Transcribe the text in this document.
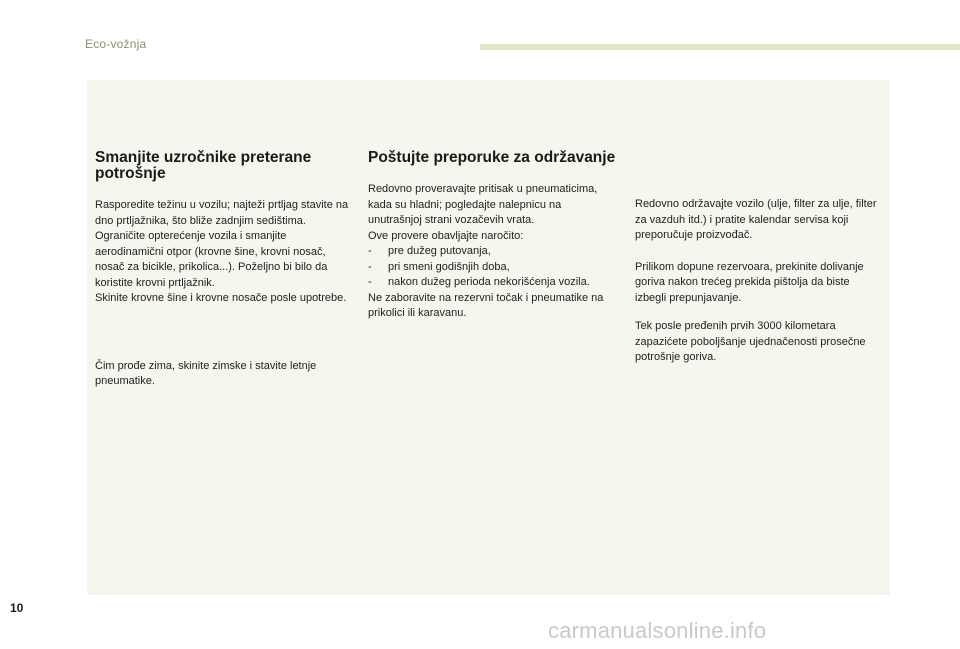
Eco-vožnja
Smanjite uzročnike preterane potrošnje

Rasporedite težinu u vozilu; najteži prtljag stavite na dno prtljažnika, što bliže zadnjim sedištima.

Ograničite opterećenje vozila i smanjite aerodinamični otpor (krovne šine, krovni nosač, nosač za bicikle, prikolica...). Poželjno bi bilo da koristite krovni prtljažnik.

Skinite krovne šine i krovne nosače posle upotrebe.

Čim prođe zima, skinite zimske i stavite letnje pneumatike.

Poštujte preporuke za održavanje

Redovno proveravajte pritisak u pneumaticima, kada su hladni; pogledajte nalepnicu na unutrašnjoj strani vozačevih vrata.

Ove provere obavljajte naročito:

-	pre dužeg putovanja,
-	pri smeni godišnjih doba,
-	nakon dužeg perioda nekorišćenja vozila.

Ne zaboravite na rezervni točak i pneumatike na prikolici ili karavanu.

Redovno održavajte vozilo (ulje, filter za ulje, filter za vazduh itd.) i pratite kalendar servisa koji preporučuje proizvođač.

Prilikom dopune rezervoara, prekinite dolivanje goriva nakon trećeg prekida pištolja da biste izbegli prepunjavanje.

Tek posle pređenih prvih 3000 kilometara zapazićete poboljšanje ujednačenosti prosečne potrošnje goriva.

10
carmanualsonline.info
